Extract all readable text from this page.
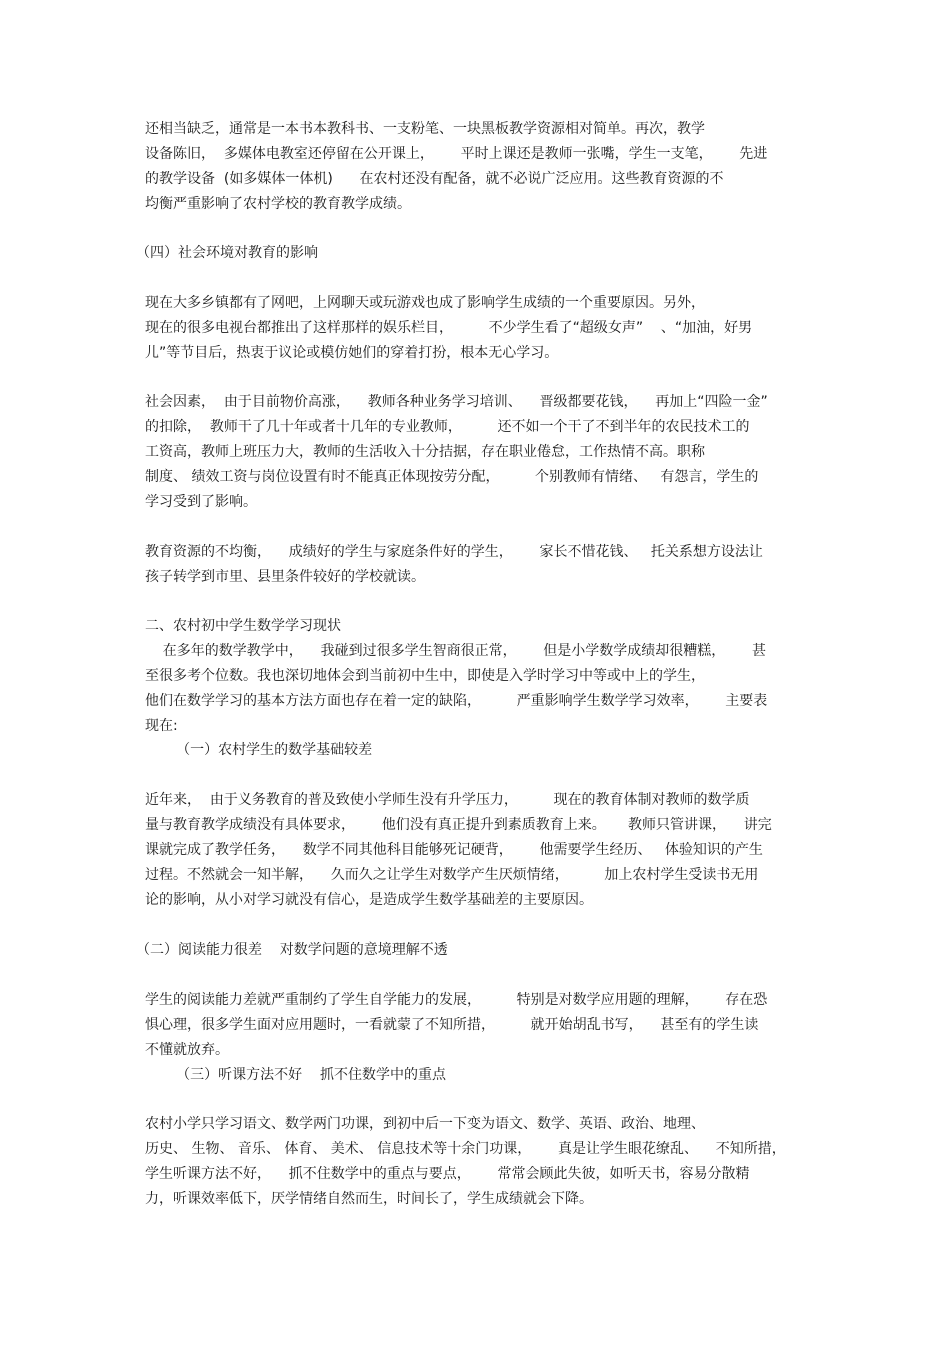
还相当缺乏，通常是一本书本教科书、一支粉笔、一块黑板教学资源相对简单。再次，教学

设备陈旧，  多媒体电教室还停留在公开课上，      平时上课还是教师一张嘴，学生一支笔，      先进

的教学设备  (如多媒体一体机)      在农村还没有配备，就不必说广泛应用。这些教育资源的不

均衡严重影响了农村学校的教育教学成绩。

（四）社会环境对教育的影响

现在大多乡镇都有了网吧，上网聊天或玩游戏也成了影响学生成绩的一个重要原因。另外，

现在的很多电视台都推出了这样那样的娱乐栏目，        不少学生看了“超级女声”    、“加油，好男

儿”等节目后，热衷于议论或模仿她们的穿着打扮，根本无心学习。

社会因素，  由于目前物价高涨，    教师各种业务学习培训、    晋级都要花钱，    再加上“四险一金”

的扣除，  教师干了几十年或者十几年的专业教师，        还不如一个干了不到半年的农民技术工的

工资高，教师上班压力大，教师的生活收入十分拮据，存在职业倦怠，工作热情不高。职称

制度、 绩效工资与岗位设置有时不能真正体现按劳分配，        个别教师有情绪、   有怨言，学生的

学习受到了影响。

教育资源的不均衡，    成绩好的学生与家庭条件好的学生，      家长不惜花钱、   托关系想方设法让

孩子转学到市里、县里条件较好的学校就读。

二、农村初中学生数学学习现状

在多年的数学教学中，    我碰到过很多学生智商很正常，      但是小学数学成绩却很糟糕，      甚

至很多考个位数。我也深切地体会到当前初中生中，即使是入学时学习中等或中上的学生，

他们在数学学习的基本方法方面也存在着一定的缺陷，        严重影响学生数学学习效率，      主要表

现在:

（一）农村学生的数学基础较差

近年来，  由于义务教育的普及致使小学师生没有升学压力，        现在的教育体制对教师的数学质

量与教育教学成绩没有具体要求，      他们没有真正提升到素质教育上来。     教师只管讲课，    讲完

课就完成了教学任务，    数学不同其他科目能够死记硬背，      他需要学生经历、   体验知识的产生

过程。不然就会一知半解，    久而久之让学生对数学产生厌烦情绪，        加上农村学生受读书无用

论的影响，从小对学习就没有信心，是造成学生数学基础差的主要原因。

（二）阅读能力很差    对数学问题的意境理解不透

学生的阅读能力差就严重制约了学生自学能力的发展，        特别是对数学应用题的理解，      存在恐

惧心理，很多学生面对应用题时，一看就蒙了不知所措，        就开始胡乱书写，    甚至有的学生读

不懂就放弃。

（三）听课方法不好    抓不住数学中的重点

农村小学只学习语文、数学两门功课，到初中后一下变为语文、数学、英语、政治、地理、

历史、 生物、 音乐、 体育、 美术、 信息技术等十余门功课，      真是让学生眼花缭乱、    不知所措，

学生听课方法不好，    抓不住数学中的重点与要点，      常常会顾此失彼，如听天书，容易分散精

力，听课效率低下，厌学情绪自然而生，时间长了，学生成绩就会下降。
